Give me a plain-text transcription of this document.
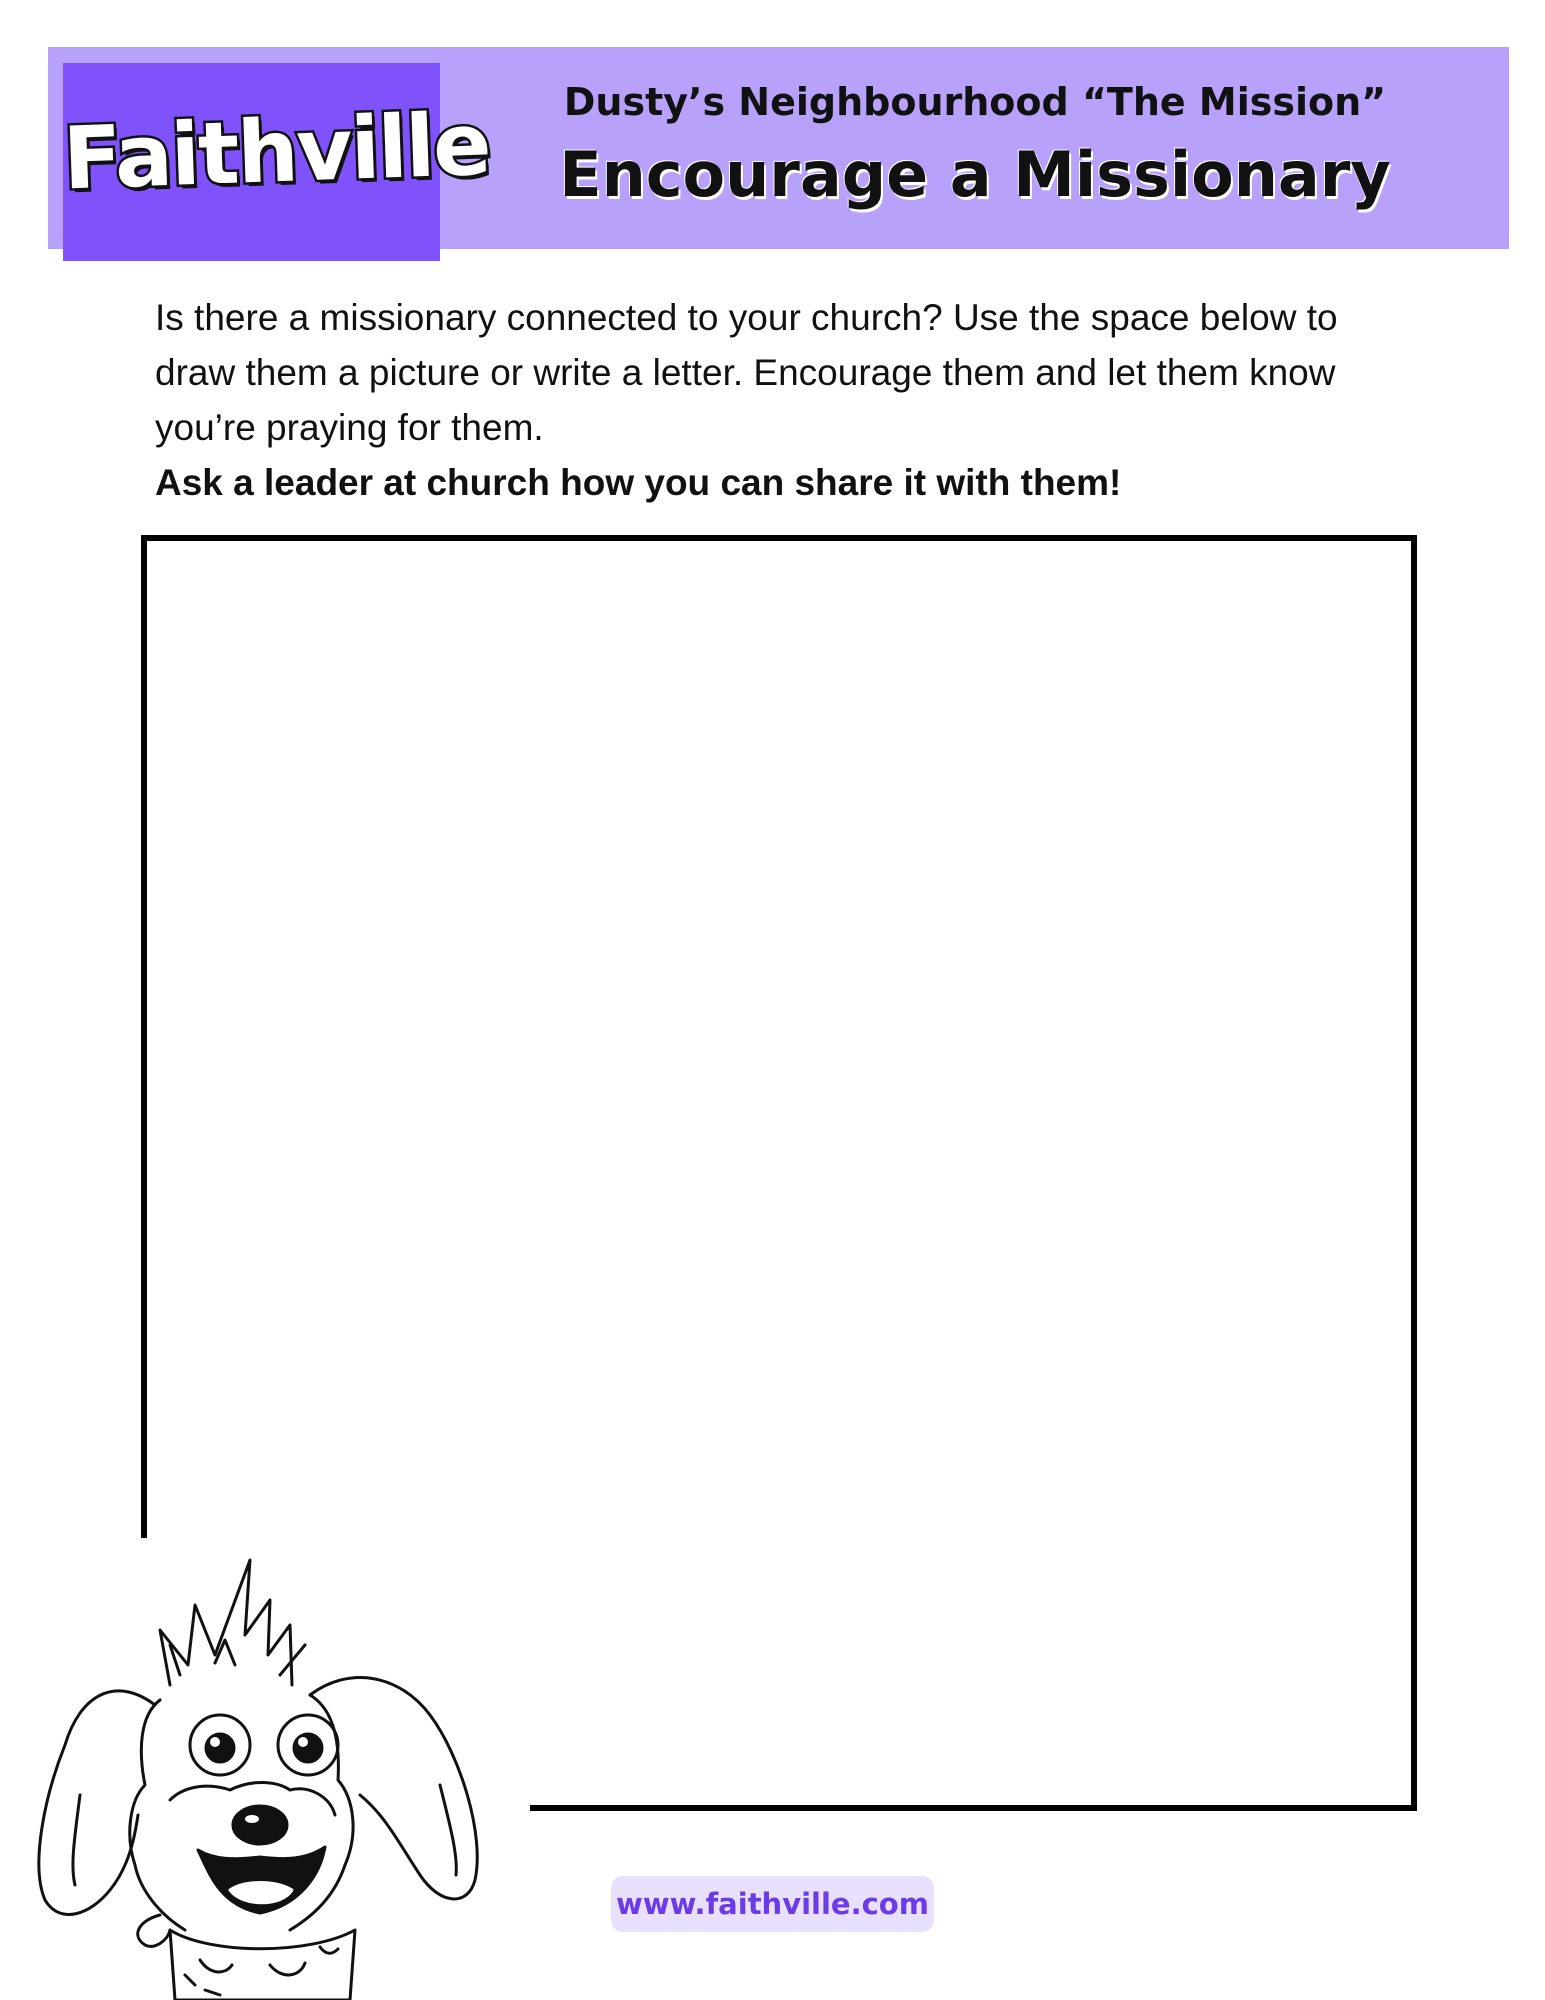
Faithville	Dusty’s Neighbourhood “The Mission”
Encourage a Missionary

Is there a missionary connected to your church? Use the space below to draw them a picture or write a letter. Encourage them and let them know you’re praying for them.

Ask a leader at church how you can share it with them!

www.faithville.com
